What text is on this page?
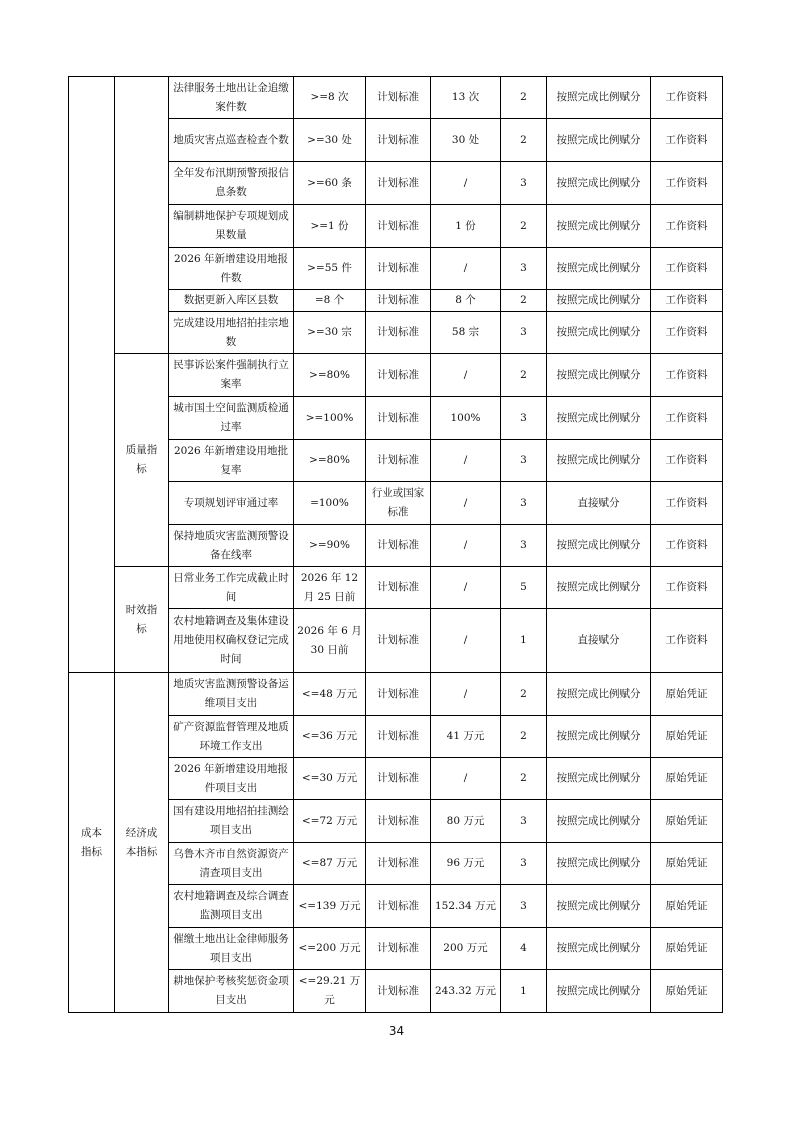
		法律服务土地出让金追缴案件数	>=8 次	计划标准	13 次	2	按照完成比例赋分	工作资料
		地质灾害点巡查检查个数	>=30 处	计划标准	30 处	2	按照完成比例赋分	工作资料
		全年发布汛期预警预报信息条数	>=60 条	计划标准	/	3	按照完成比例赋分	工作资料
		编制耕地保护专项规划成果数量	>=1 份	计划标准	1 份	2	按照完成比例赋分	工作资料
		2026 年新增建设用地报件数	>=55 件	计划标准	/	3	按照完成比例赋分	工作资料
		数据更新入库区县数	=8 个	计划标准	8 个	2	按照完成比例赋分	工作资料
		完成建设用地招拍挂宗地数	>=30 宗	计划标准	58 宗	3	按照完成比例赋分	工作资料
	质量指标	民事诉讼案件强制执行立案率	>=80%	计划标准	/	2	按照完成比例赋分	工作资料
		城市国土空间监测质检通过率	>=100%	计划标准	100%	3	按照完成比例赋分	工作资料
		2026 年新增建设用地批复率	>=80%	计划标准	/	3	按照完成比例赋分	工作资料
		专项规划评审通过率	=100%	行业或国家标准	/	3	直接赋分	工作资料
		保持地质灾害监测预警设备在线率	>=90%	计划标准	/	3	按照完成比例赋分	工作资料
	时效指标	日常业务工作完成截止时间	2026 年 12 月 25 日前	计划标准	/	5	按照完成比例赋分	工作资料
		农村地籍调查及集体建设用地使用权确权登记完成时间	2026 年 6 月 30 日前	计划标准	/	1	直接赋分	工作资料
成本指标	经济成本指标	地质灾害监测预警设备运维项目支出	<=48 万元	计划标准	/	2	按照完成比例赋分	原始凭证
		矿产资源监督管理及地质环境工作支出	<=36 万元	计划标准	41 万元	2	按照完成比例赋分	原始凭证
		2026 年新增建设用地报件项目支出	<=30 万元	计划标准	/	2	按照完成比例赋分	原始凭证
		国有建设用地招拍挂测绘项目支出	<=72 万元	计划标准	80 万元	3	按照完成比例赋分	原始凭证
		乌鲁木齐市自然资源资产清查项目支出	<=87 万元	计划标准	96 万元	3	按照完成比例赋分	原始凭证
		农村地籍调查及综合调查监测项目支出	<=139 万元	计划标准	152.34 万元	3	按照完成比例赋分	原始凭证
		催缴土地出让金律师服务项目支出	<=200 万元	计划标准	200 万元	4	按照完成比例赋分	原始凭证
		耕地保护考核奖惩资金项目支出	<=29.21 万元	计划标准	243.32 万元	1	按照完成比例赋分	原始凭证
34
